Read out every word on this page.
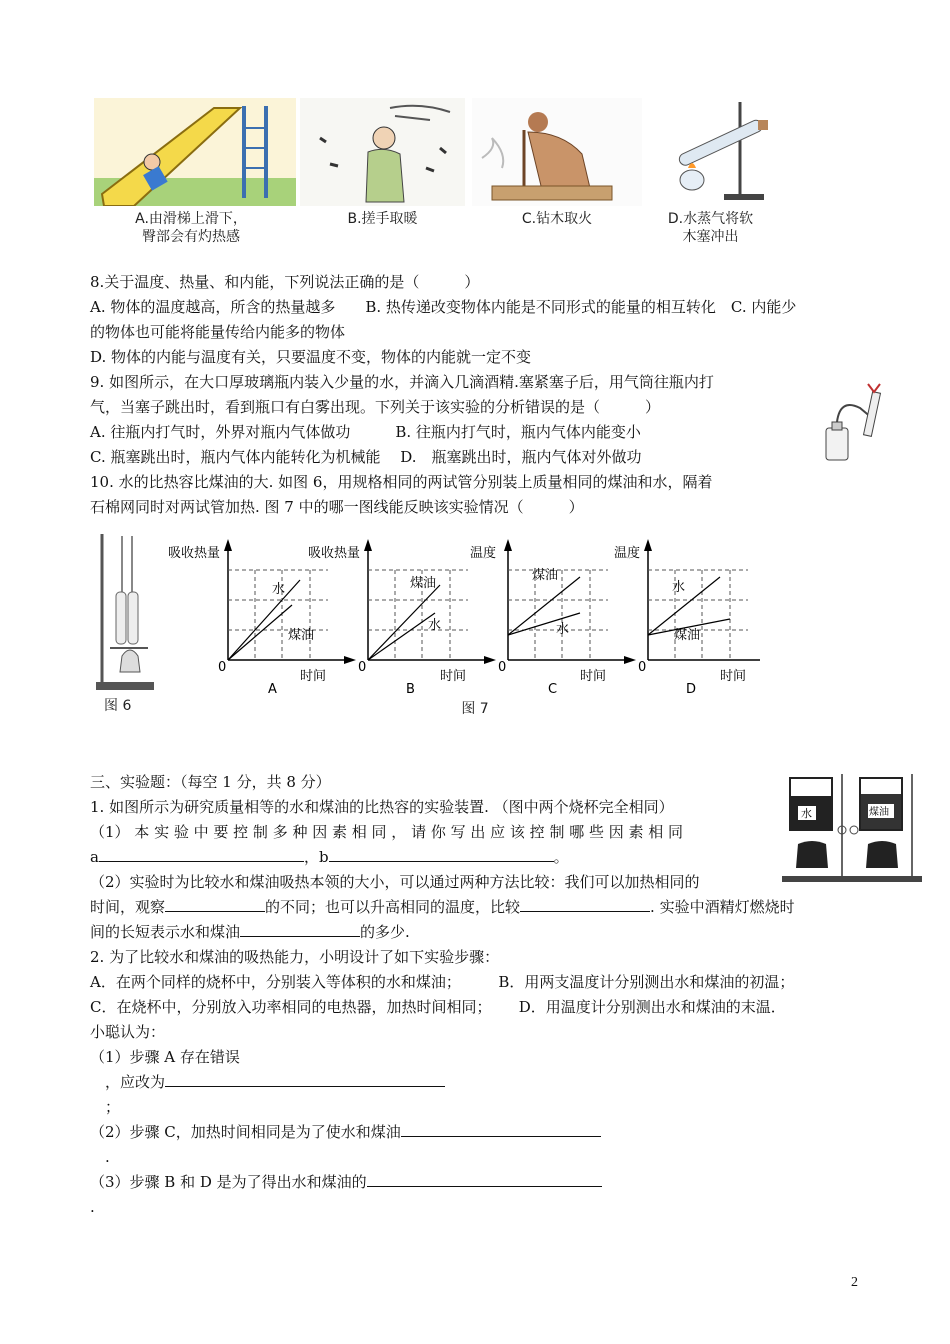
A.由滑梯上滑下，
臀部会有灼热感
B.搓手取暖	C.钻木取火	D.水蒸气将软
木塞冲出
8.关于温度、热量、和内能，下列说法正确的是（　　　）
A. 物体的温度越高，所含的热量越多　　B. 热传递改变物体内能是不同形式的能量的相互转化　C. 内能少
的物体也可能将能量传给内能多的物体
D. 物体的内能与温度有关，只要温度不变，物体的内能就一定不变
9. 如图所示，在大口厚玻璃瓶内装入少量的水，并滴入几滴酒精.塞紧塞子后，用气筒往瓶内打
气，当塞子跳出时，看到瓶口有白雾出现。下列关于该实验的分析错误的是（　　　）
A. 往瓶内打气时，外界对瓶内气体做功　　　B. 往瓶内打气时，瓶内气体内能变小
C. 瓶塞跳出时，瓶内气体内能转化为机械能　 D.　瓶塞跳出时，瓶内气体对外做功
10. 水的比热容比煤油的大. 如图 6，用规格相同的两试管分别装上质量相同的煤油和水，隔着
石棉网同时对两试管加热. 图 7 中的哪一图线能反映该实验情况（　　　）
图 6
吸收热量
时间
0
水
煤油
A
吸收热量
时间
0
煤油
水
B
温度
时间
0
煤油
水
C
温度
时间
0
水
煤油
D
图 7
三、实验题：（每空 1 分，共 8 分）
1. 如图所示为研究质量相等的水和煤油的比热容的实验装置. （图中两个烧杯完全相同）
（1） 本 实 验 中 要 控 制 多 种 因 素 相 同 ， 请 你 写 出 应 该 控 制 哪 些 因 素 相 同
a	，b	。
（2）实验时为比较水和煤油吸热本领的大小，可以通过两种方法比较：我们可以加热相同的
时间，观察	的不同；也可以升高相同的温度，比较	. 实验中酒精灯燃烧时
间的长短表示水和煤油	的多少.
水	煤油
2. 为了比较水和煤油的吸热能力，小明设计了如下实验步骤：
A．在两个同样的烧杯中，分别装入等体积的水和煤油；　　　B．用两支温度计分别测出水和煤油的初温；
C．在烧杯中，分别放入功率相同的电热器，加热时间相同；　　 D．用温度计分别测出水和煤油的末温．
小聪认为：
（1）步骤 A 存在错误
　，应改为
　；
（2）步骤 C，加热时间相同是为了使水和煤油
　.
（3）步骤 B 和 D 是为了得出水和煤油的
.
2
